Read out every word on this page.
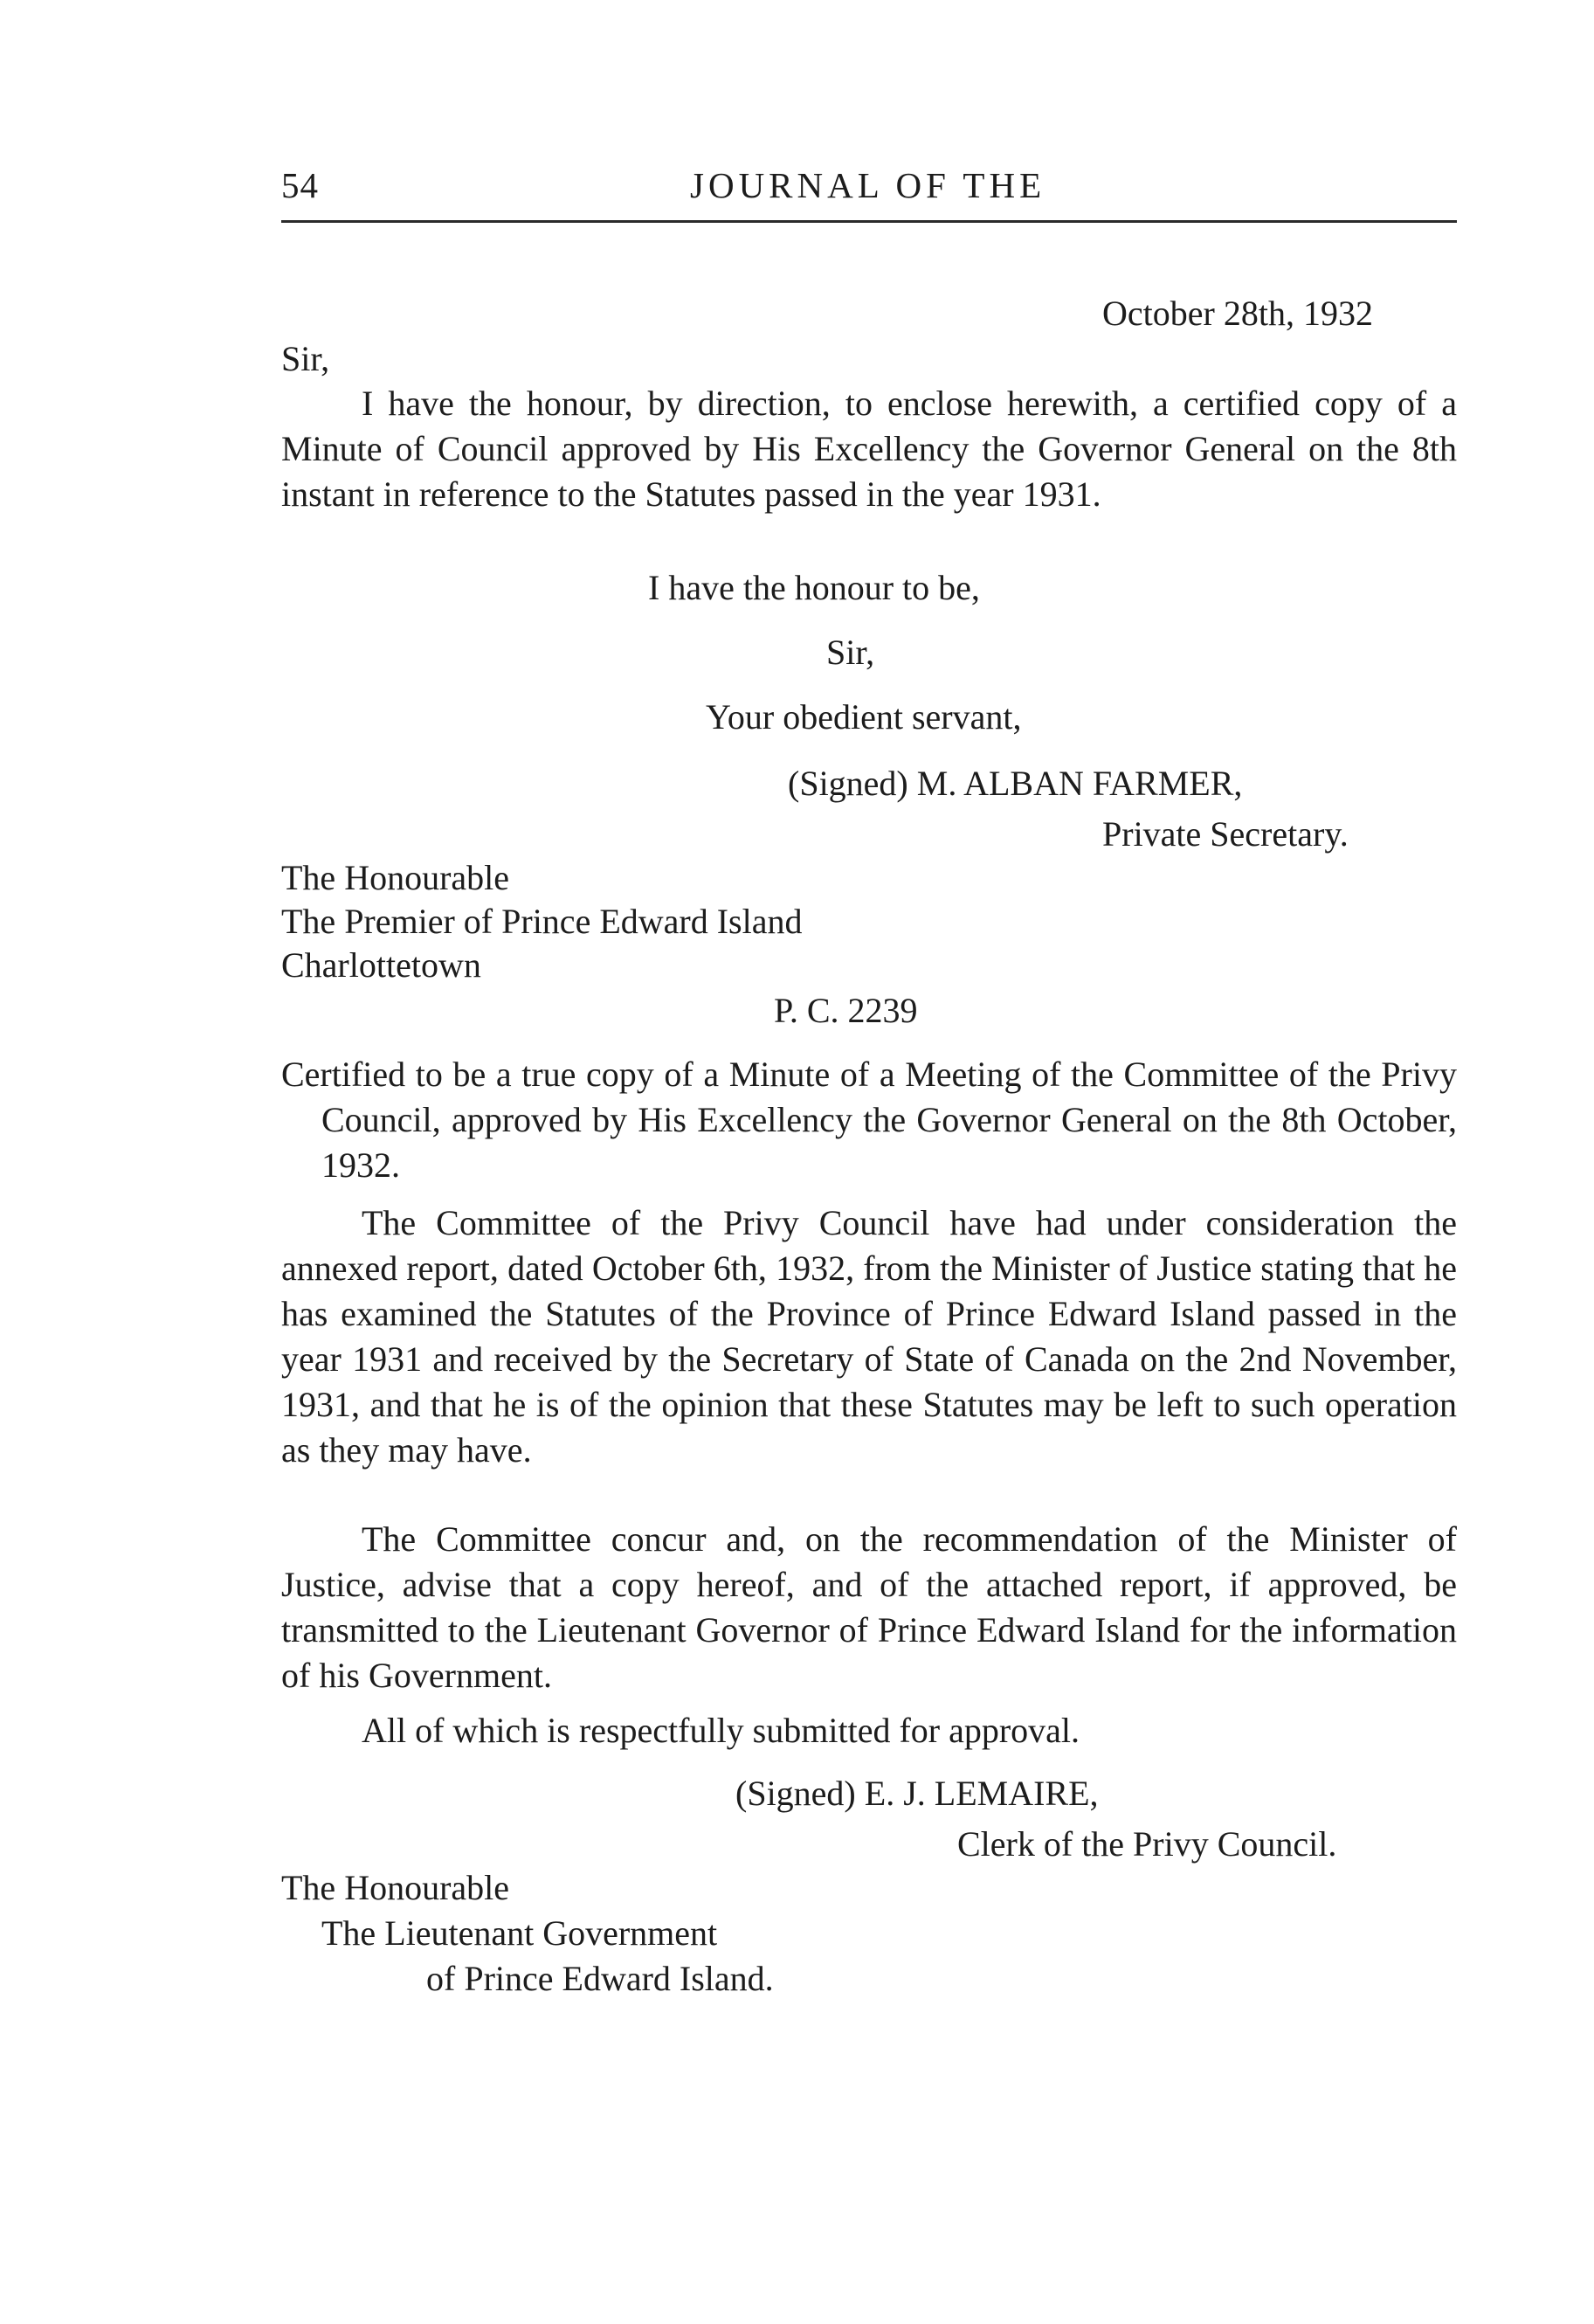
54	JOURNAL OF THE

October 28th, 1932

Sir,

I have the honour, by direction, to enclose herewith, a certified copy of a Minute of Council approved by His Excellency the Governor General on the 8th instant in reference to the Statutes passed in the year 1931.

I have the honour to be,

Sir,

Your obedient servant,

(Signed) M. ALBAN FARMER,

Private Secretary.

The Honourable

The Premier of Prince Edward Island

Charlottetown

P. C. 2239

Certified to be a true copy of a Minute of a Meeting of the Committee of the Privy Council, approved by His Excellency the Governor General on the 8th October, 1932.

The Committee of the Privy Council have had under consideration the annexed report, dated October 6th, 1932, from the Minister of Justice stating that he has examined the Statutes of the Province of Prince Edward Island passed in the year 1931 and received by the Secretary of State of Canada on the 2nd November, 1931, and that he is of the opinion that these Statutes may be left to such operation as they may have.

The Committee concur and, on the recommendation of the Minister of Justice, advise that a copy hereof, and of the attached report, if approved, be transmitted to the Lieutenant Governor of Prince Edward Island for the information of his Government.

All of which is respectfully submitted for approval.

(Signed) E. J. LEMAIRE,

Clerk of the Privy Council.

The Honourable

The Lieutenant Government

of Prince Edward Island.
